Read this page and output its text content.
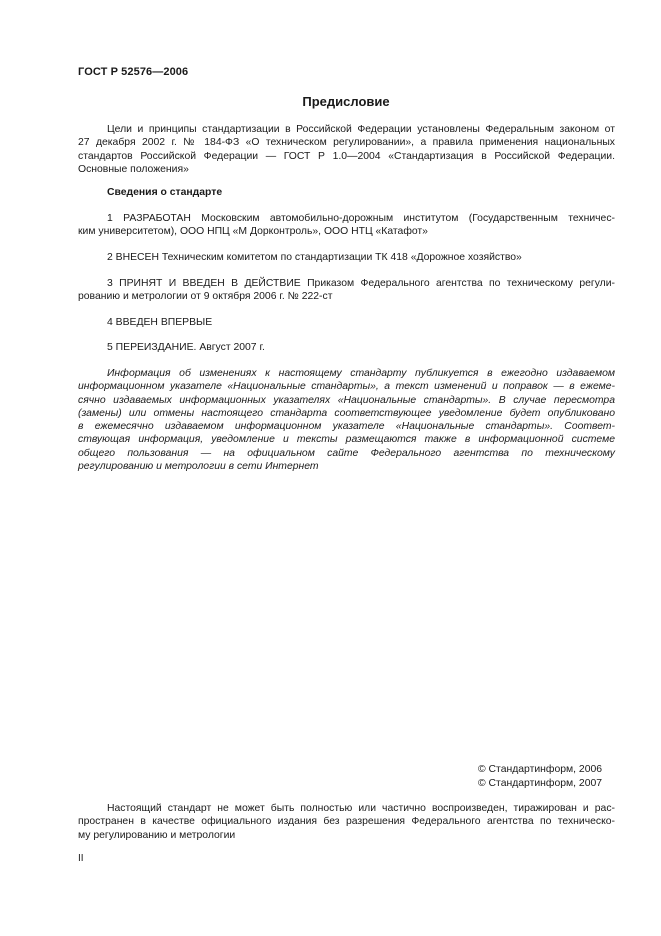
ГОСТ Р 52576—2006
Предисловие
Цели и принципы стандартизации в Российской Федерации установлены Федеральным законом от
27 декабря 2002 г. № 184-ФЗ «О техническом регулировании», а правила применения национальных
стандартов Российской Федерации — ГОСТ Р 1.0—2004 «Стандартизация в Российской Федерации.
Основные положения»
Сведения о стандарте
1 РАЗРАБОТАН Московским автомобильно-дорожным институтом (Государственным техничес-
ким университетом), ООО НПЦ «М Дорконтроль», ООО НТЦ «Катафот»
2 ВНЕСЕН Техническим комитетом по стандартизации ТК 418 «Дорожное хозяйство»
3 ПРИНЯТ И ВВЕДЕН В ДЕЙСТВИЕ Приказом Федерального агентства по техническому регули-
рованию и метрологии от 9 октября 2006 г. № 222-ст
4 ВВЕДЕН ВПЕРВЫЕ
5 ПЕРЕИЗДАНИЕ. Август 2007 г.
Информация об изменениях к настоящему стандарту публикуется в ежегодно издаваемом
информационном указателе «Национальные стандарты», а текст изменений и поправок — в ежеме-
сячно издаваемых информационных указателях «Национальные стандарты». В случае пересмотра
(замены) или отмены настоящего стандарта соответствующее уведомление будет опубликовано
в ежемесячно издаваемом информационном указателе «Национальные стандарты». Соответ-
ствующая информация, уведомление и тексты размещаются также в информационной системе
общего пользования — на официальном сайте Федерального агентства по техническому
регулированию и метрологии в сети Интернет
© Стандартинформ, 2006
© Стандартинформ, 2007
Настоящий стандарт не может быть полностью или частично воспроизведен, тиражирован и рас-
пространен в качестве официального издания без разрешения Федерального агентства по техническо-
му регулированию и метрологии
II
